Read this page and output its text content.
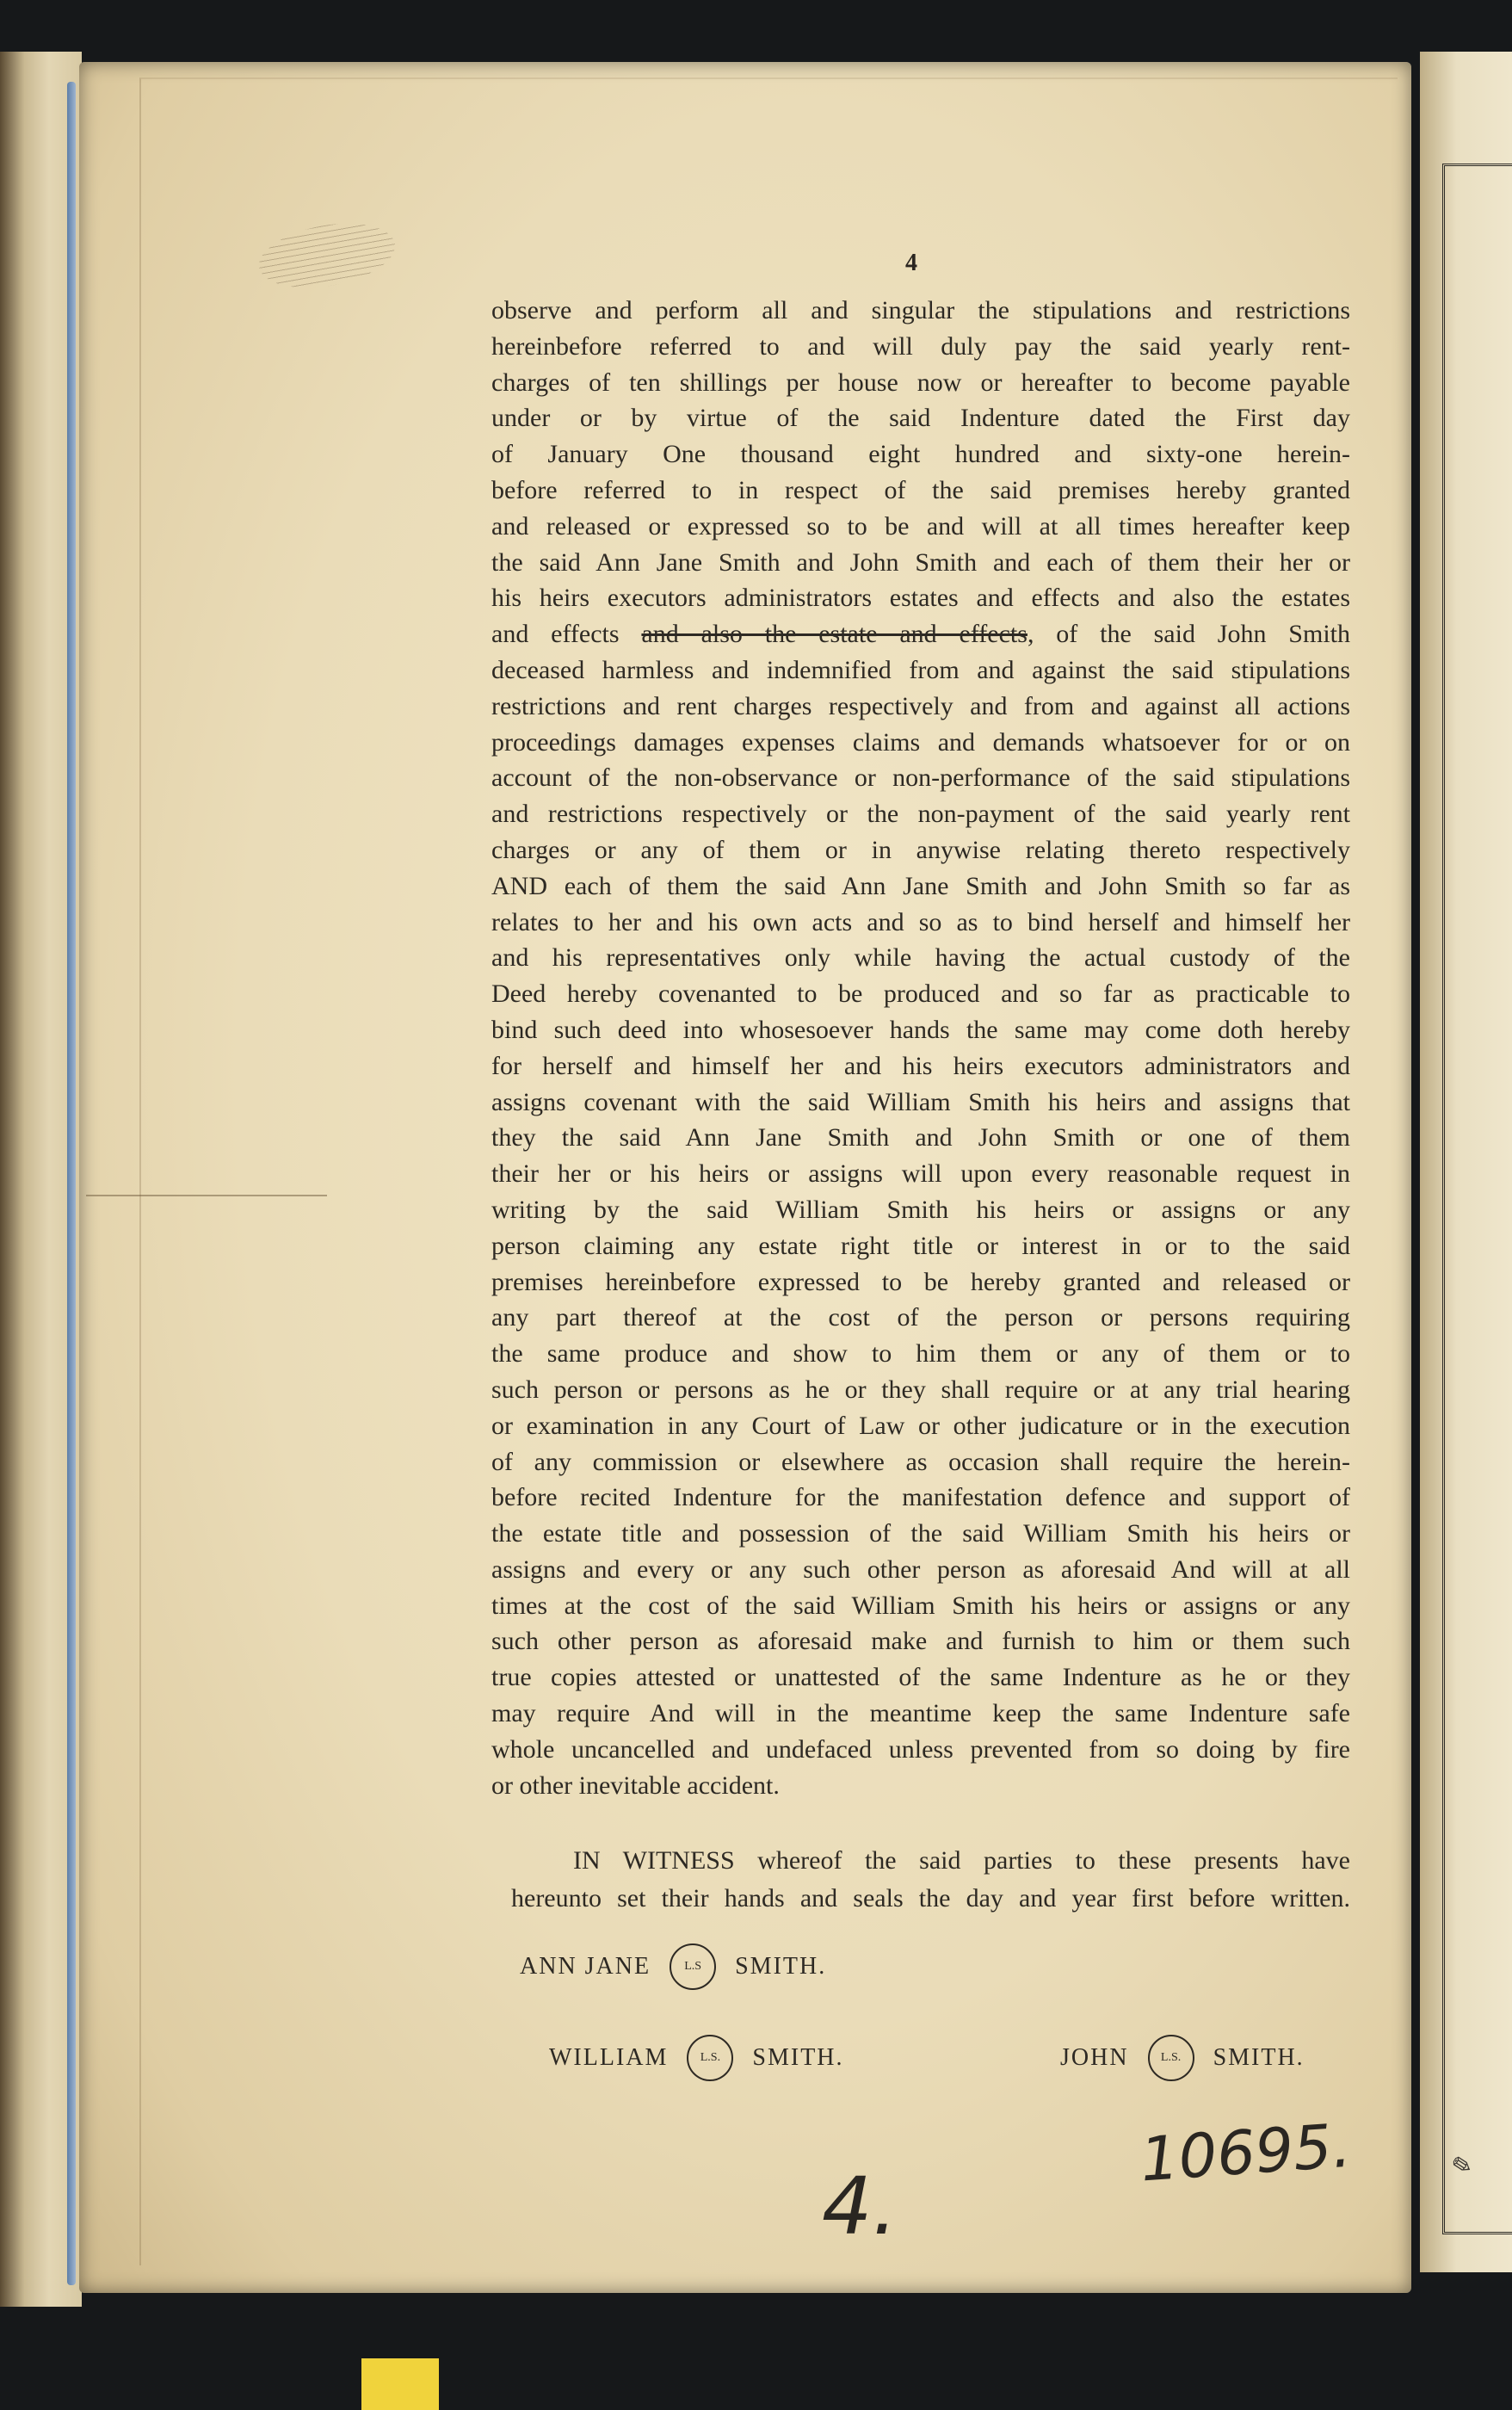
4
observe and perform all and singular the stipulations and restrictions
hereinbefore referred to and will duly pay the said yearly rent-
charges of ten shillings per house now or hereafter to become payable
under or by virtue of the said Indenture dated the First day
of January One thousand eight hundred and sixty-one herein-
before referred to in respect of the said premises hereby granted
and released or expressed so to be and will at all times hereafter keep
the said Ann Jane Smith and John Smith and each of them their her or
his heirs executors administrators estates and effects and also the estates
and effects and also the estate and effects, of the said John Smith
deceased harmless and indemnified from and against the said stipulations
restrictions and rent charges respectively and from and against all actions
proceedings damages expenses claims and demands whatsoever for or on
account of the non-observance or non-performance of the said stipulations
and restrictions respectively or the non-payment of the said yearly rent
charges or any of them or in anywise relating thereto respectively
AND each of them the said Ann Jane Smith and John Smith so far as
relates to her and his own acts and so as to bind herself and himself her
and his representatives only while having the actual custody of the
Deed hereby covenanted to be produced and so far as practicable to
bind such deed into whosesoever hands the same may come doth hereby
for herself and himself her and his heirs executors administrators and
assigns covenant with the said William Smith his heirs and assigns that
they the said Ann Jane Smith and John Smith or one of them
their her or his heirs or assigns will upon every reasonable request in
writing by the said William Smith his heirs or assigns or any
person claiming any estate right title or interest in or to the said
premises hereinbefore expressed to be hereby granted and released or
any part thereof at the cost of the person or persons requiring
the same produce and show to him them or any of them or to
such person or persons as he or they shall require or at any trial hearing
or examination in any Court of Law or other judicature or in the execution
of any commission or elsewhere as occasion shall require the herein-
before recited Indenture for the manifestation defence and support of
the estate title and possession of the said William Smith his heirs or
assigns and every or any such other person as aforesaid And will at all
times at the cost of the said William Smith his heirs or assigns or any
such other person as aforesaid make and furnish to him or them such
true copies attested or unattested of the same Indenture as he or they
may require And will in the meantime keep the same Indenture safe
whole uncancelled and undefaced unless prevented from so doing by fire
or other inevitable accident.
IN WITNESS whereof the said parties to these presents have
hereunto set their hands and seals the day and year first before written.
ANN JANE	L.S	SMITH.
WILLIAM	L.S.	SMITH.	JOHN	L.S.	SMITH.
4.
10695.	✎
